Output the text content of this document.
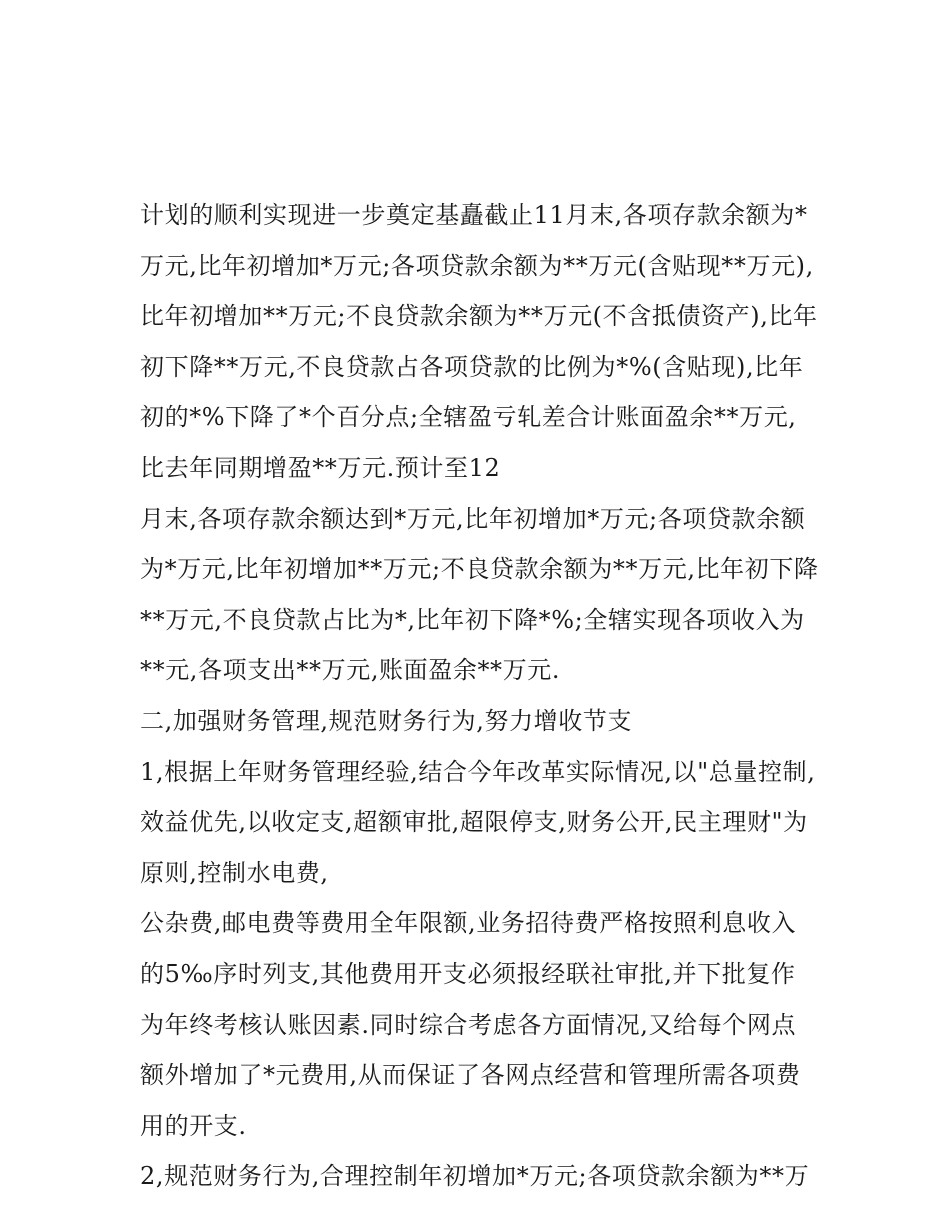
计划的顺利实现进一步奠定基矗截止11月末,各项存款余额为*
万元,比年初增加*万元;各项贷款余额为**万元(含贴现**万元),
比年初增加**万元;不良贷款余额为**万元(不含抵债资产),比年
初下降**万元,不良贷款占各项贷款的比例为*%(含贴现),比年
初的*%下降了*个百分点;全辖盈亏轧差合计账面盈余**万元,
比去年同期增盈**万元.预计至12
月末,各项存款余额达到*万元,比年初增加*万元;各项贷款余额
为*万元,比年初增加**万元;不良贷款余额为**万元,比年初下降
**万元,不良贷款占比为*,比年初下降*%;全辖实现各项收入为
**元,各项支出**万元,账面盈余**万元.
二,加强财务管理,规范财务行为,努力增收节支
1,根据上年财务管理经验,结合今年改革实际情况,以"总量控制,
效益优先,以收定支,超额审批,超限停支,财务公开,民主理财"为
原则,控制水电费,
公杂费,邮电费等费用全年限额,业务招待费严格按照利息收入
的5‰序时列支,其他费用开支必须报经联社审批,并下批复作
为年终考核认账因素.同时综合考虑各方面情况,又给每个网点
额外增加了*元费用,从而保证了各网点经营和管理所需各项费
用的开支.
2,规范财务行为,合理控制年初增加*万元;各项贷款余额为**万
